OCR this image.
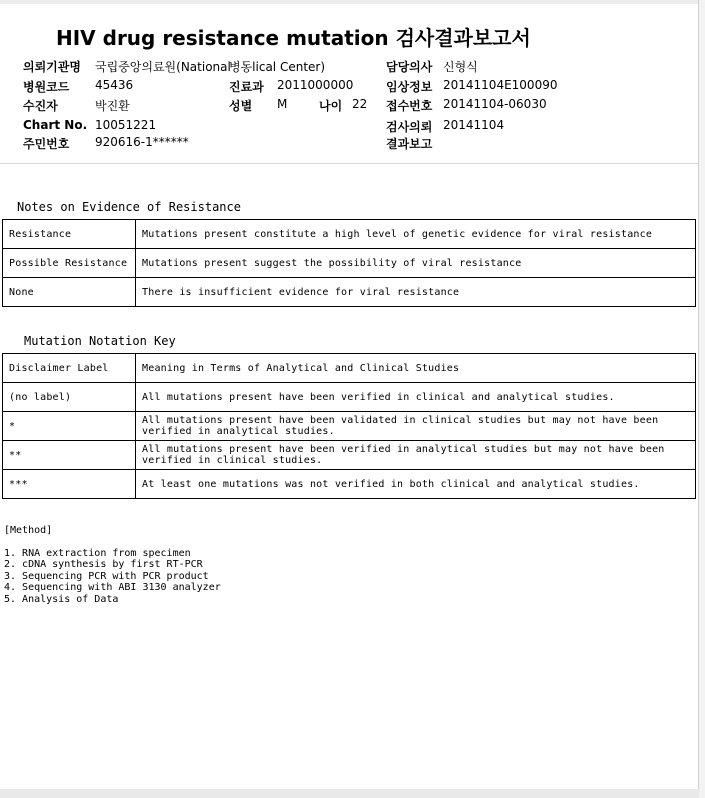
HIV drug resistance mutation 검사결과보고서
의뢰기관명 국립중앙의료원(National
병원코드 45436
수진자	박진환
Chart No. 10051221
주민번호 920616-1******
병동lical Center)
진료과 2011000000
성별 M	나이 22
담당의사 신형식
임상정보 20141104E100090
접수번호 20141104-06030
검사의뢰 20141104
결과보고
Notes on Evidence of Resistance
Resistance	Mutations present constitute a high level of genetic evidence for viral resistance
Possible Resistance	Mutations present suggest the possibility of viral resistance
None	There is insufficient evidence for viral resistance
Mutation Notation Key
Disclaimer Label	Meaning in Terms of Analytical and Clinical Studies
(no label)	All mutations present have been verified in clinical and analytical studies.
*	All mutations present have been validated in clinical studies but may not have been verified in analytical studies.
**	All mutations present have been verified in analytical studies but may not have been verified in clinical studies.
***	At least one mutations was not verified in both clinical and analytical studies.
[Method]
1. RNA extraction from specimen
2. cDNA synthesis by first RT-PCR
3. Sequencing PCR with PCR product
4. Sequencing with ABI 3130 analyzer
5. Analysis of Data
